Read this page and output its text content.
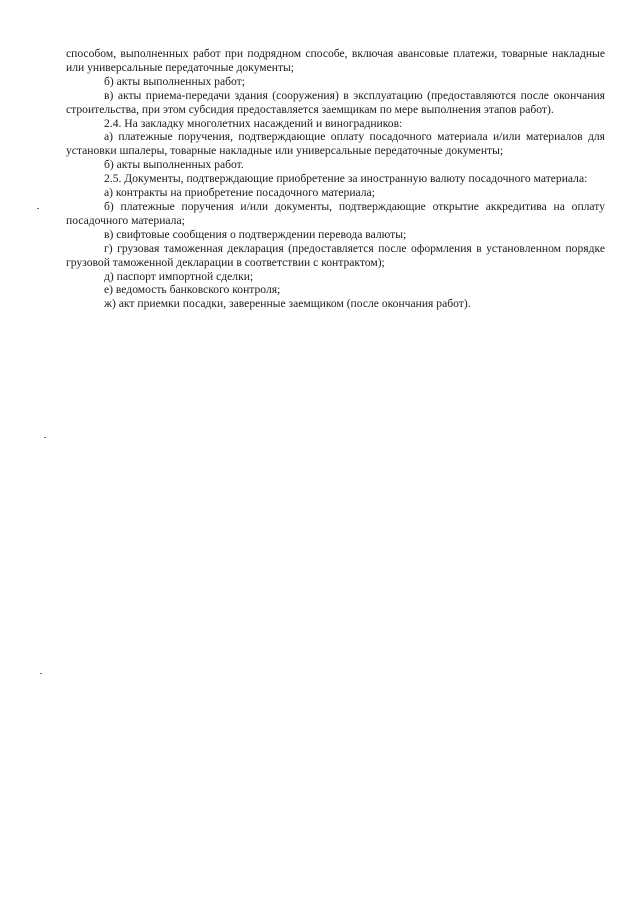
способом, выполненных работ при подрядном способе, включая авансовые платежи, товарные накладные или универсальные передаточные документы;

б) акты выполненных работ;

в) акты приема-передачи здания (сооружения) в эксплуатацию (предоставляются после окончания строительства, при этом субсидия предоставляется заемщикам по мере выполнения этапов работ).

2.4. На закладку многолетних насаждений и виноградников:

а) платежные поручения, подтверждающие оплату посадочного материала и/или материалов для установки шпалеры, товарные накладные или универсальные передаточные документы;

б) акты выполненных работ.

2.5. Документы, подтверждающие приобретение за иностранную валюту посадочного материала:

а) контракты на приобретение посадочного материала;

б) платежные поручения и/или документы, подтверждающие открытие аккредитива на оплату посадочного материала;

в) свифтовые сообщения о подтверждении перевода валюты;

г) грузовая таможенная декларация (предоставляется после оформления в установленном порядке грузовой таможенной декларации в соответствии с контрактом);

д) паспорт импортной сделки;

е) ведомость банковского контроля;

ж) акт приемки посадки, заверенные заемщиком (после окончания работ).
